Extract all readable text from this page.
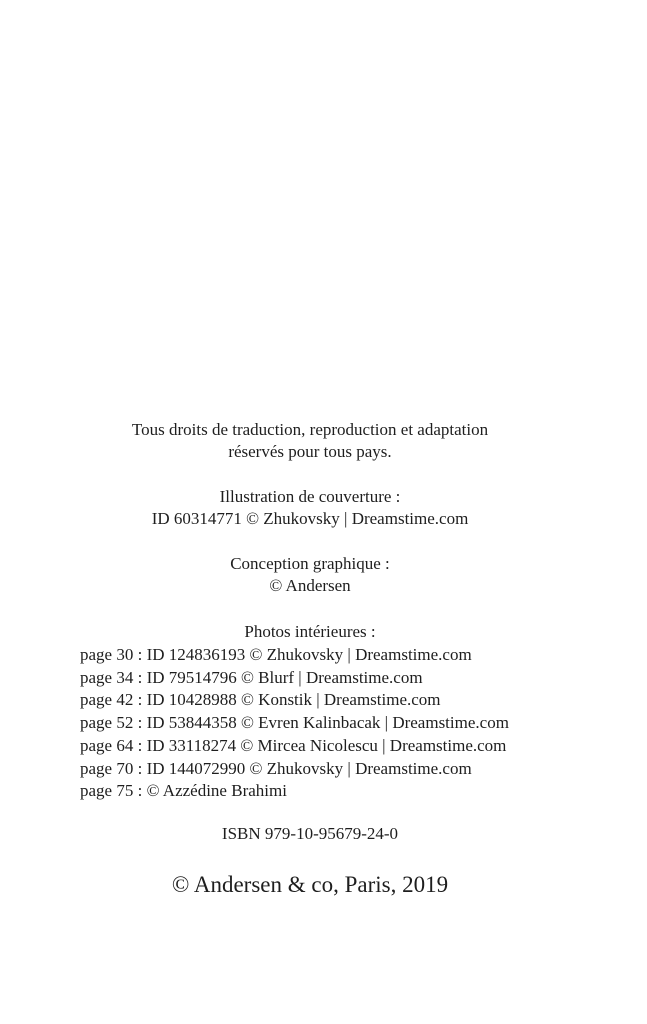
Tous droits de traduction, reproduction et adaptation
réservés pour tous pays.
Illustration de couverture :
ID 60314771 © Zhukovsky | Dreamstime.com
Conception graphique :
© Andersen
Photos intérieures :
page 30 : ID 124836193 © Zhukovsky | Dreamstime.com
page 34 : ID 79514796 © Blurf | Dreamstime.com
page 42 : ID 10428988 © Konstik | Dreamstime.com
page 52 : ID 53844358 © Evren Kalinbacak | Dreamstime.com
page 64 : ID 33118274 © Mircea Nicolescu | Dreamstime.com
page 70 : ID 144072990 © Zhukovsky | Dreamstime.com
page 75 : © Azzédine Brahimi
ISBN 979-10-95679-24-0
© Andersen & co, Paris, 2019
